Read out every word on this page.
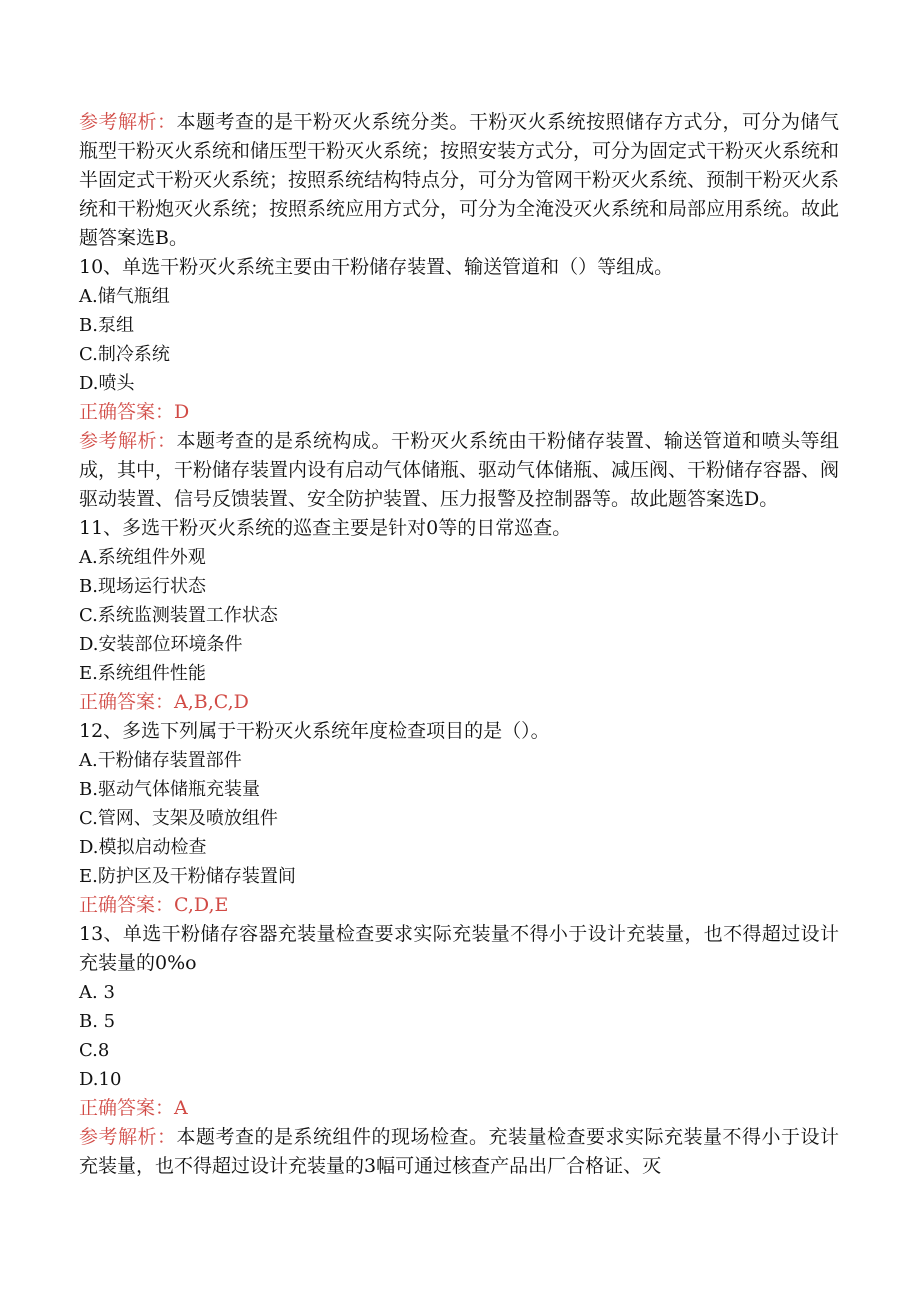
参考解析：本题考查的是干粉灭火系统分类。干粉灭火系统按照储存方式分，可分为储气瓶型干粉灭火系统和储压型干粉灭火系统；按照安装方式分，可分为固定式干粉灭火系统和半固定式干粉灭火系统；按照系统结构特点分，可分为管网干粉灭火系统、预制干粉灭火系统和干粉炮灭火系统；按照系统应用方式分，可分为全淹没灭火系统和局部应用系统。故此题答案选B。

10、单选干粉灭火系统主要由干粉储存装置、输送管道和（）等组成。

A.储气瓶组

B.泵组

C.制冷系统

D.喷头

正确答案：D

参考解析：本题考查的是系统构成。干粉灭火系统由干粉储存装置、输送管道和喷头等组成，其中，干粉储存装置内设有启动气体储瓶、驱动气体储瓶、减压阀、干粉储存容器、阀驱动装置、信号反馈装置、安全防护装置、压力报警及控制器等。故此题答案选D。

11、多选干粉灭火系统的巡查主要是针对0等的日常巡查。

A.系统组件外观

B.现场运行状态

C.系统监测装置工作状态

D.安装部位环境条件

E.系统组件性能

正确答案：A,B,C,D

12、多选下列属于干粉灭火系统年度检查项目的是（）。

A.干粉储存装置部件

B.驱动气体储瓶充装量

C.管网、支架及喷放组件

D.模拟启动检查

E.防护区及干粉储存装置间

正确答案：C,D,E

13、单选干粉储存容器充装量检查要求实际充装量不得小于设计充装量，也不得超过设计充装量的0%o

A. 3

B. 5

C.8

D.10

正确答案：A

参考解析：本题考查的是系统组件的现场检查。充装量检查要求实际充装量不得小于设计充装量，也不得超过设计充装量的3幅可通过核查产品出厂合格证、灭
